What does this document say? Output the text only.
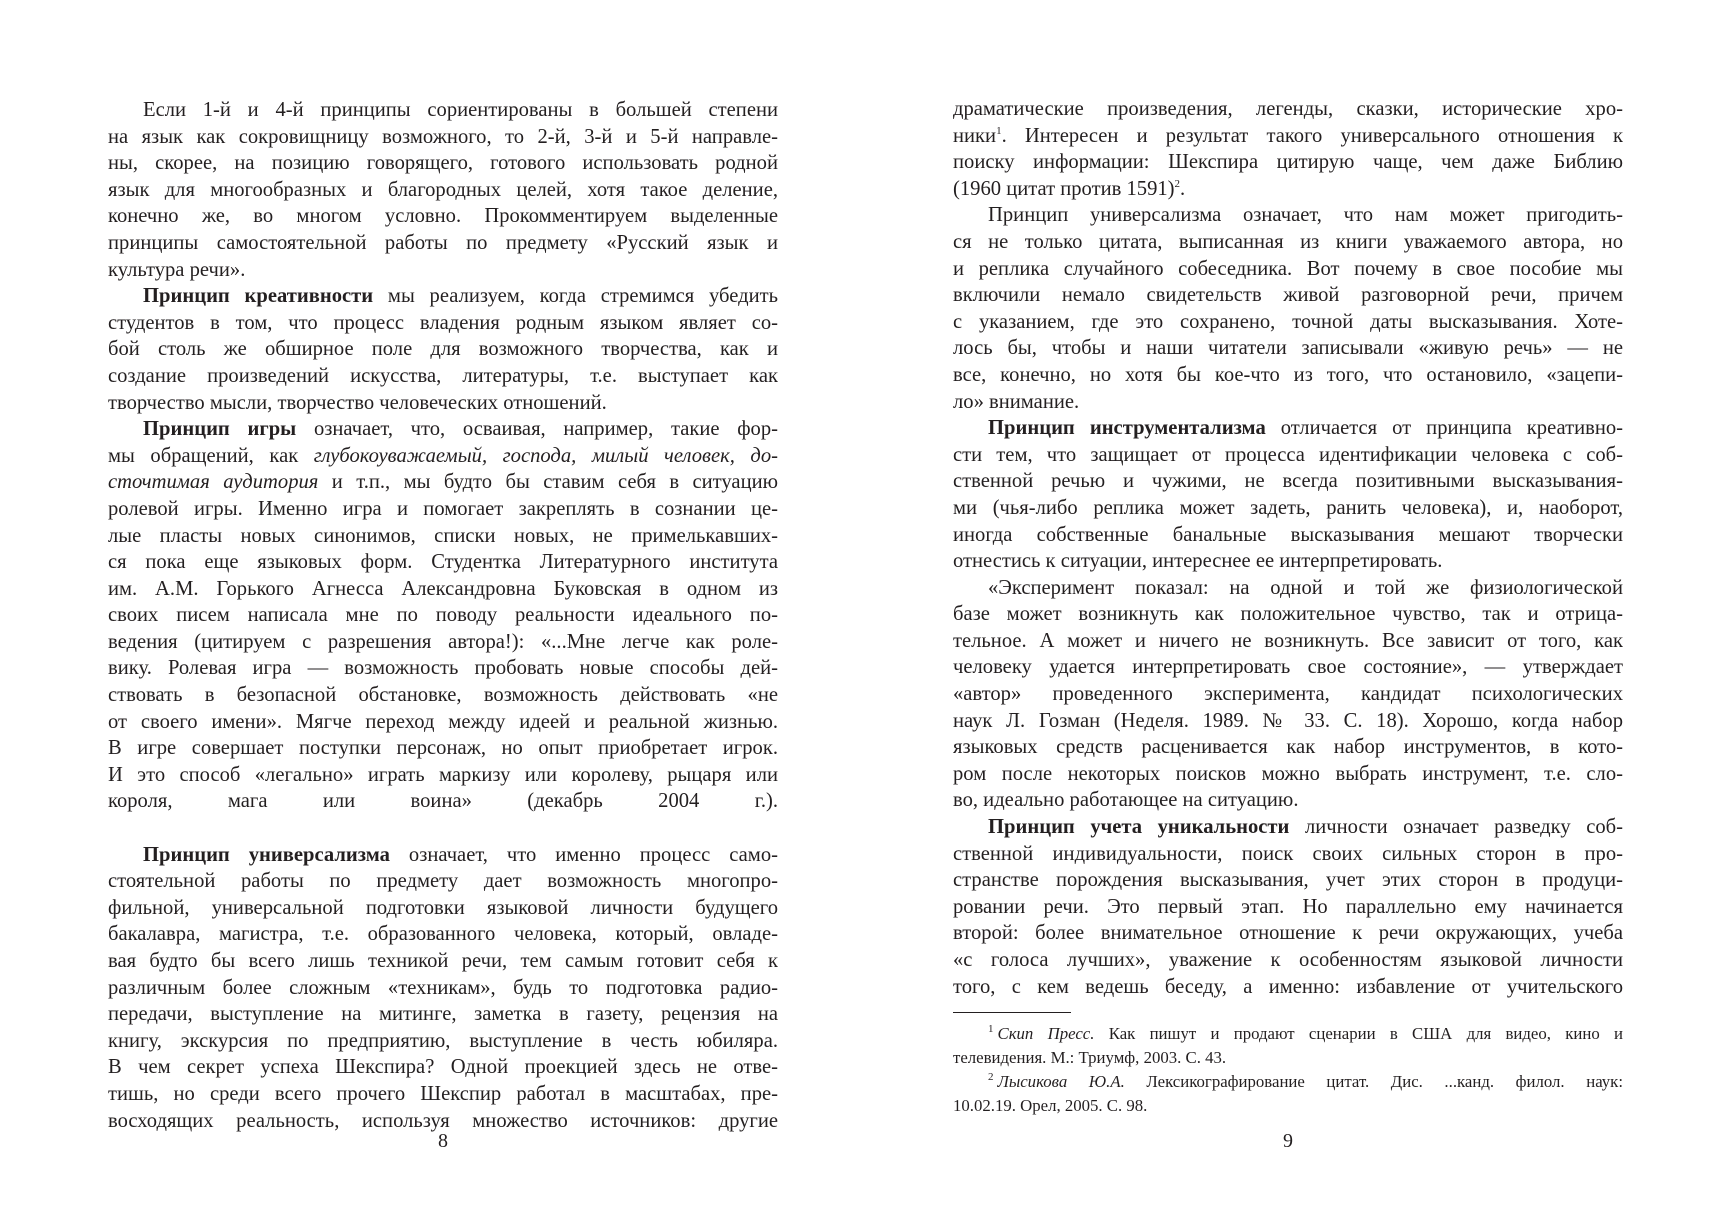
Если 1-й и 4-й принципы сориентированы в большей степени
на язык как сокровищницу возможного, то 2-й, 3-й и 5-й направле-
ны, скорее, на позицию говорящего, готового использовать родной
язык для многообразных и благородных целей, хотя такое деление,
конечно же, во многом условно. Прокомментируем выделенные
принципы самостоятельной работы по предмету «Русский язык и
культура речи».
Принцип креативности мы реализуем, когда стремимся убедить
студентов в том, что процесс владения родным языком являет со-
бой столь же обширное поле для возможного творчества, как и
создание произведений искусства, литературы, т.е. выступает как
творчество мысли, творчество человеческих отношений.
Принцип игры означает, что, осваивая, например, такие фор-
мы обращений, как глубокоуважаемый, господа, милый человек, до-
сточтимая аудитория и т.п., мы будто бы ставим себя в ситуацию
ролевой игры. Именно игра и помогает закреплять в сознании це-
лые пласты новых синонимов, списки новых, не примелькавших-
ся пока еще языковых форм. Студентка Литературного института
им. А.М. Горького Агнесса Александровна Буковская в одном из
своих писем написала мне по поводу реальности идеального по-
ведения (цитируем с разрешения автора!): «...Мне легче как роле-
вику. Ролевая игра — возможность пробовать новые способы дей-
ствовать в безопасной обстановке, возможность действовать «не
от своего имени». Мягче переход между идеей и реальной жизнью.
В игре совершает поступки персонаж, но опыт приобретает игрок.
И это способ «легально» играть маркизу или королеву, рыцаря или
короля, мага или воина» (декабрь 2004 г.).
Принцип универсализма означает, что именно процесс само-
стоятельной работы по предмету дает возможность многопро-
фильной, универсальной подготовки языковой личности будущего
бакалавра, магистра, т.е. образованного человека, который, овладе-
вая будто бы всего лишь техникой речи, тем самым готовит себя к
различным более сложным «техникам», будь то подготовка радио-
передачи, выступление на митинге, заметка в газету, рецензия на
книгу, экскурсия по предприятию, выступление в честь юбиляра.
В чем секрет успеха Шекспира? Одной проекцией здесь не отве-
тишь, но среди всего прочего Шекспир работал в масштабах, пре-
восходящих реальность, используя множество источников: другие
8
драматические произведения, легенды, сказки, исторические хро-
ники$^1$. Интересен и результат такого универсального отношения к
поиску информации: Шекспира цитирую чаще, чем даже Библию
(1960 цитат против 1591)$^2$.
Принцип универсализма означает, что нам может пригодить-
ся не только цитата, выписанная из книги уважаемого автора, но
и реплика случайного собеседника. Вот почему в свое пособие мы
включили немало свидетельств живой разговорной речи, причем
с указанием, где это сохранено, точной даты высказывания. Хоте-
лось бы, чтобы и наши читатели записывали «живую речь» — не
все, конечно, но хотя бы кое-что из того, что остановило, «зацепи-
ло» внимание.
Принцип инструментализма отличается от принципа креативно-
сти тем, что защищает от процесса идентификации человека с соб-
ственной речью и чужими, не всегда позитивными высказывания-
ми (чья-либо реплика может задеть, ранить человека), и, наоборот,
иногда собственные банальные высказывания мешают творчески
отнестись к ситуации, интереснее ее интерпретировать.
«Эксперимент показал: на одной и той же физиологической
базе может возникнуть как положительное чувство, так и отрица-
тельное. А может и ничего не возникнуть. Все зависит от того, как
человеку удается интерпретировать свое состояние», — утверждает
«автор» проведенного эксперимента, кандидат психологических
наук Л. Гозман (Неделя. 1989. № 33. С. 18). Хорошо, когда набор
языковых средств расценивается как набор инструментов, в кото-
ром после некоторых поисков можно выбрать инструмент, т.е. сло-
во, идеально работающее на ситуацию.
Принцип учета уникальности личности означает разведку соб-
ственной индивидуальности, поиск своих сильных сторон в про-
странстве порождения высказывания, учет этих сторон в продуци-
ровании речи. Это первый этап. Но параллельно ему начинается
второй: более внимательное отношение к речи окружающих, учеба
«с голоса лучших», уважение к особенностям языковой личности
того, с кем ведешь беседу, а именно: избавление от учительского
$^1$ Скип Пресс. Как пишут и продают сценарии в США для видео, кино и
телевидения. М.: Триумф, 2003. С. 43.
$^2$ Лысикова Ю.А. Лексикографирование цитат. Дис. ...канд. филол. наук:
10.02.19. Орел, 2005. С. 98.
9
